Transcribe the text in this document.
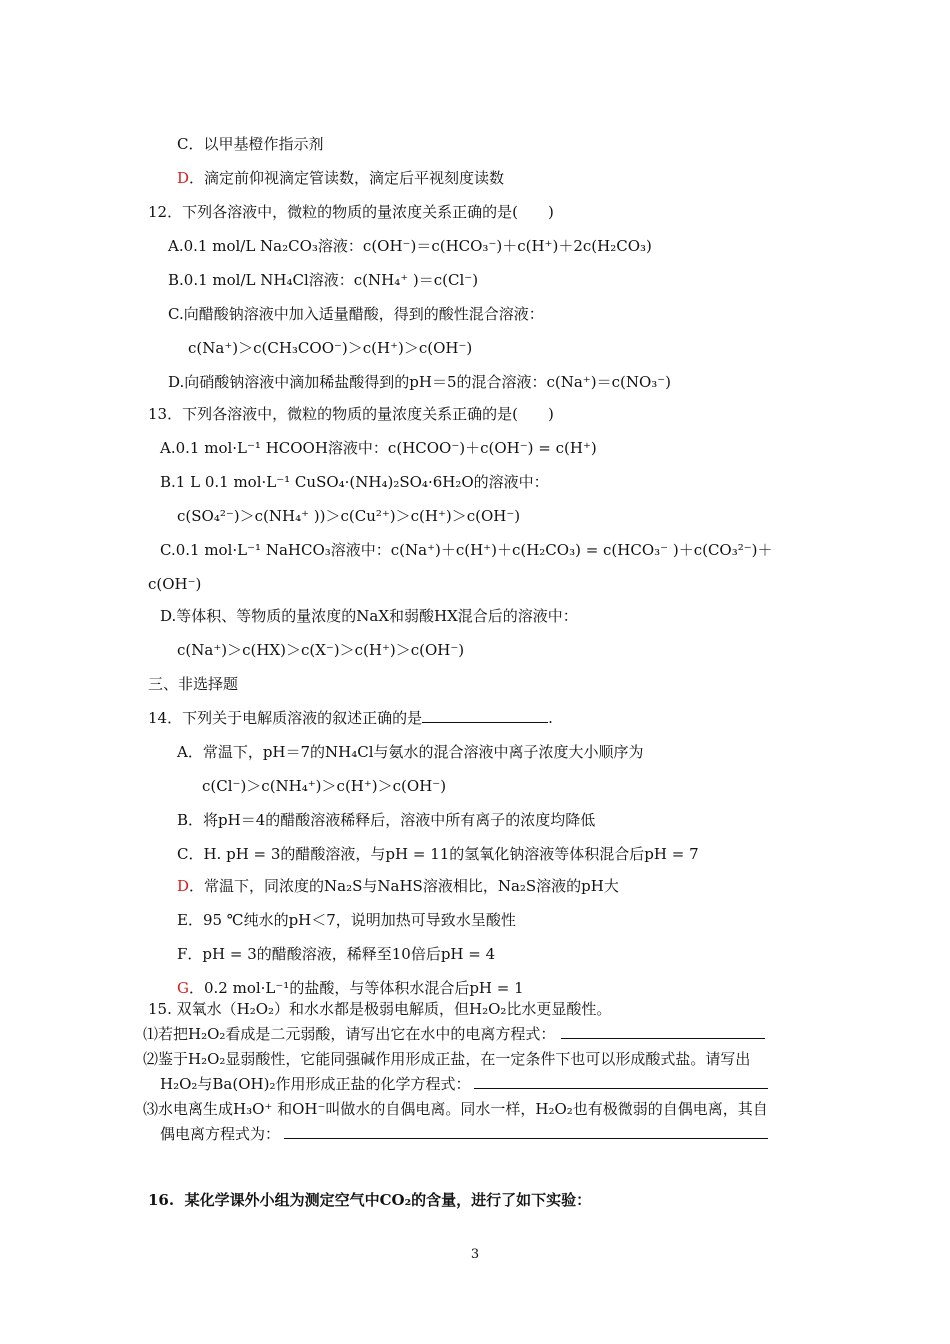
C．以甲基橙作指示剂
D．滴定前仰视滴定管读数，滴定后平视刻度读数
12．下列各溶液中，微粒的物质的量浓度关系正确的是(　　)
A.0.1 mol/L Na₂CO₃溶液：c(OH⁻)＝c(HCO₃⁻)＋c(H⁺)＋2c(H₂CO₃)
B.0.1 mol/L NH₄Cl溶液：c(NH₄⁺ )＝c(Cl⁻)
C.向醋酸钠溶液中加入适量醋酸，得到的酸性混合溶液：
c(Na⁺)＞c(CH₃COO⁻)＞c(H⁺)＞c(OH⁻)
D.向硝酸钠溶液中滴加稀盐酸得到的pH＝5的混合溶液：c(Na⁺)＝c(NO₃⁻)
13．下列各溶液中，微粒的物质的量浓度关系正确的是(　　)
A.0.1 mol·L⁻¹ HCOOH溶液中：c(HCOO⁻)＋c(OH⁻) = c(H⁺)
B.1 L 0.1 mol·L⁻¹ CuSO₄·(NH₄)₂SO₄·6H₂O的溶液中：
c(SO₄²⁻)＞c(NH₄⁺ ))＞c(Cu²⁺)＞c(H⁺)＞c(OH⁻)
C.0.1 mol·L⁻¹ NaHCO₃溶液中：c(Na⁺)＋c(H⁺)＋c(H₂CO₃) = c(HCO₃⁻ )＋c(CO₃²⁻)＋
c(OH⁻)
D.等体积、等物质的量浓度的NaX和弱酸HX混合后的溶液中：
c(Na⁺)＞c(HX)＞c(X⁻)＞c(H⁺)＞c(OH⁻)
三、非选择题
14．下列关于电解质溶液的叙述正确的是	.
A．常温下，pH＝7的NH₄Cl与氨水的混合溶液中离子浓度大小顺序为
c(Cl⁻)＞c(NH₄⁺)＞c(H⁺)＞c(OH⁻)
B．将pH＝4的醋酸溶液稀释后，溶液中所有离子的浓度均降低
C．H. pH = 3的醋酸溶液，与pH = 11的氢氧化钠溶液等体积混合后pH = 7
D．常温下，同浓度的Na₂S与NaHS溶液相比，Na₂S溶液的pH大
E．95 ℃纯水的pH＜7，说明加热可导致水呈酸性
F．pH = 3的醋酸溶液，稀释至10倍后pH = 4
G．0.2 mol·L⁻¹的盐酸，与等体积水混合后pH = 1
15. 双氧水（H₂O₂）和水水都是极弱电解质，但H₂O₂比水更显酸性。
⑴若把H₂O₂看成是二元弱酸，请写出它在水中的电离方程式：
⑵鉴于H₂O₂显弱酸性，它能同强碱作用形成正盐，在一定条件下也可以形成酸式盐。请写出
H₂O₂与Ba(OH)₂作用形成正盐的化学方程式：
⑶水电离生成H₃O⁺ 和OH⁻叫做水的自偶电离。同水一样，H₂O₂也有极微弱的自偶电离，其自
偶电离方程式为：
16. 某化学课外小组为测定空气中CO₂的含量，进行了如下实验：
3
